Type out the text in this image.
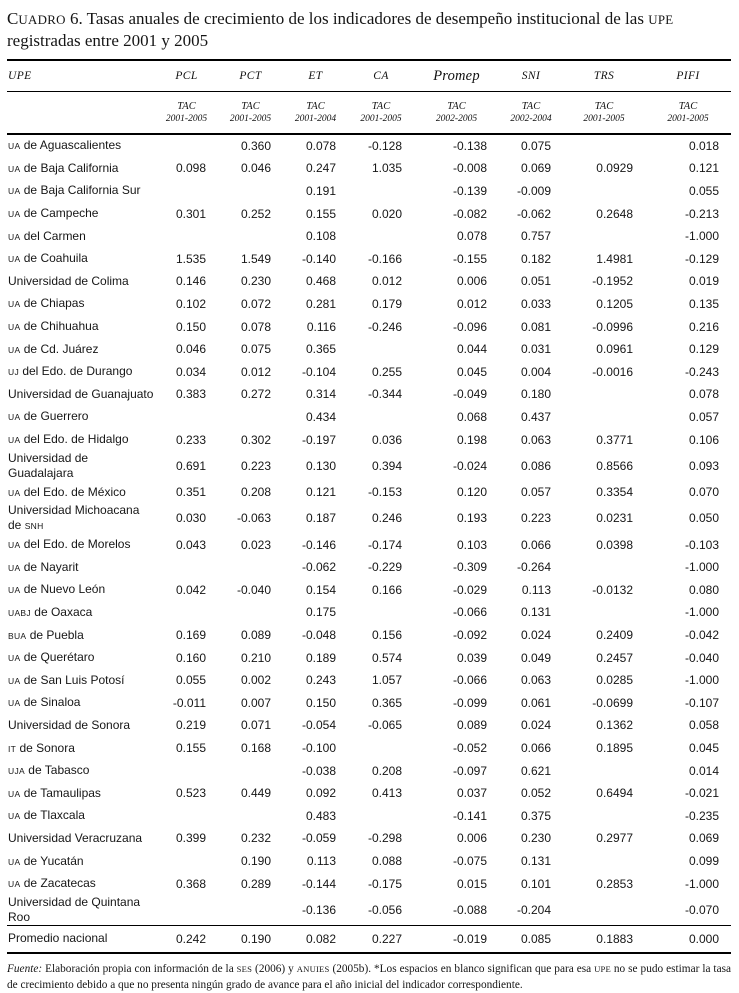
CUADRO 6. Tasas anuales de crecimiento de los indicadores de desempeño institucional de las UPE registradas entre 2001 y 2005
UPE	PCL	PCT	ET	CA	Promep	SNI	TRS	PIFI
	TAC	TAC	TAC	TAC	TAC	TAC	TAC	TAC
	2001-2005	2001-2005	2001-2004	2001-2005	2002-2005	2002-2004	2001-2005	2001-2005
UA de Aguascalientes		0.360	0.078	-0.128	-0.138	0.075		0.018
UA de Baja California	0.098	0.046	0.247	1.035	-0.008	0.069	0.0929	0.121
UA de Baja California Sur			0.191		-0.139	-0.009		0.055
UA de Campeche	0.301	0.252	0.155	0.020	-0.082	-0.062	0.2648	-0.213
UA del Carmen			0.108		0.078	0.757		-1.000
UA de Coahuila	1.535	1.549	-0.140	-0.166	-0.155	0.182	1.4981	-0.129
Universidad de Colima	0.146	0.230	0.468	0.012	0.006	0.051	-0.1952	0.019
UA de Chiapas	0.102	0.072	0.281	0.179	0.012	0.033	0.1205	0.135
UA de Chihuahua	0.150	0.078	0.116	-0.246	-0.096	0.081	-0.0996	0.216
UA de Cd. Juárez	0.046	0.075	0.365		0.044	0.031	0.0961	0.129
UJ del Edo. de Durango	0.034	0.012	-0.104	0.255	0.045	0.004	-0.0016	-0.243
Universidad de Guanajuato	0.383	0.272	0.314	-0.344	-0.049	0.180		0.078
UA de Guerrero			0.434		0.068	0.437		0.057
UA del Edo. de Hidalgo	0.233	0.302	-0.197	0.036	0.198	0.063	0.3771	0.106
Universidad de Guadalajara	0.691	0.223	0.130	0.394	-0.024	0.086	0.8566	0.093
UA del Edo. de México	0.351	0.208	0.121	-0.153	0.120	0.057	0.3354	0.070
Universidad Michoacana
de SNH	0.030	-0.063	0.187	0.246	0.193	0.223	0.0231	0.050
UA del Edo. de Morelos	0.043	0.023	-0.146	-0.174	0.103	0.066	0.0398	-0.103
UA de Nayarit			-0.062	-0.229	-0.309	-0.264		-1.000
UA de Nuevo León	0.042	-0.040	0.154	0.166	-0.029	0.113	-0.0132	0.080
UABJ de Oaxaca			0.175		-0.066	0.131		-1.000
BUA de Puebla	0.169	0.089	-0.048	0.156	-0.092	0.024	0.2409	-0.042
UA de Querétaro	0.160	0.210	0.189	0.574	0.039	0.049	0.2457	-0.040
UA de San Luis Potosí	0.055	0.002	0.243	1.057	-0.066	0.063	0.0285	-1.000
UA de Sinaloa	-0.011	0.007	0.150	0.365	-0.099	0.061	-0.0699	-0.107
Universidad de Sonora	0.219	0.071	-0.054	-0.065	0.089	0.024	0.1362	0.058
IT de Sonora	0.155	0.168	-0.100		-0.052	0.066	0.1895	0.045
UJA de Tabasco			-0.038	0.208	-0.097	0.621		0.014
UA de Tamaulipas	0.523	0.449	0.092	0.413	0.037	0.052	0.6494	-0.021
UA de Tlaxcala			0.483		-0.141	0.375		-0.235
Universidad Veracruzana	0.399	0.232	-0.059	-0.298	0.006	0.230	0.2977	0.069
UA de Yucatán		0.190	0.113	0.088	-0.075	0.131		0.099
UA de Zacatecas	0.368	0.289	-0.144	-0.175	0.015	0.101	0.2853	-1.000
Universidad de Quintana Roo			-0.136	-0.056	-0.088	-0.204		-0.070
Promedio nacional	0.242	0.190	0.082	0.227	-0.019	0.085	0.1883	0.000
Fuente: Elaboración propia con información de la SES (2006) y ANUIES (2005b). *Los espacios en blanco significan que para esa UPE no se pudo estimar la tasa de crecimiento debido a que no presenta ningún grado de avance para el año inicial del indicador correspondiente.
